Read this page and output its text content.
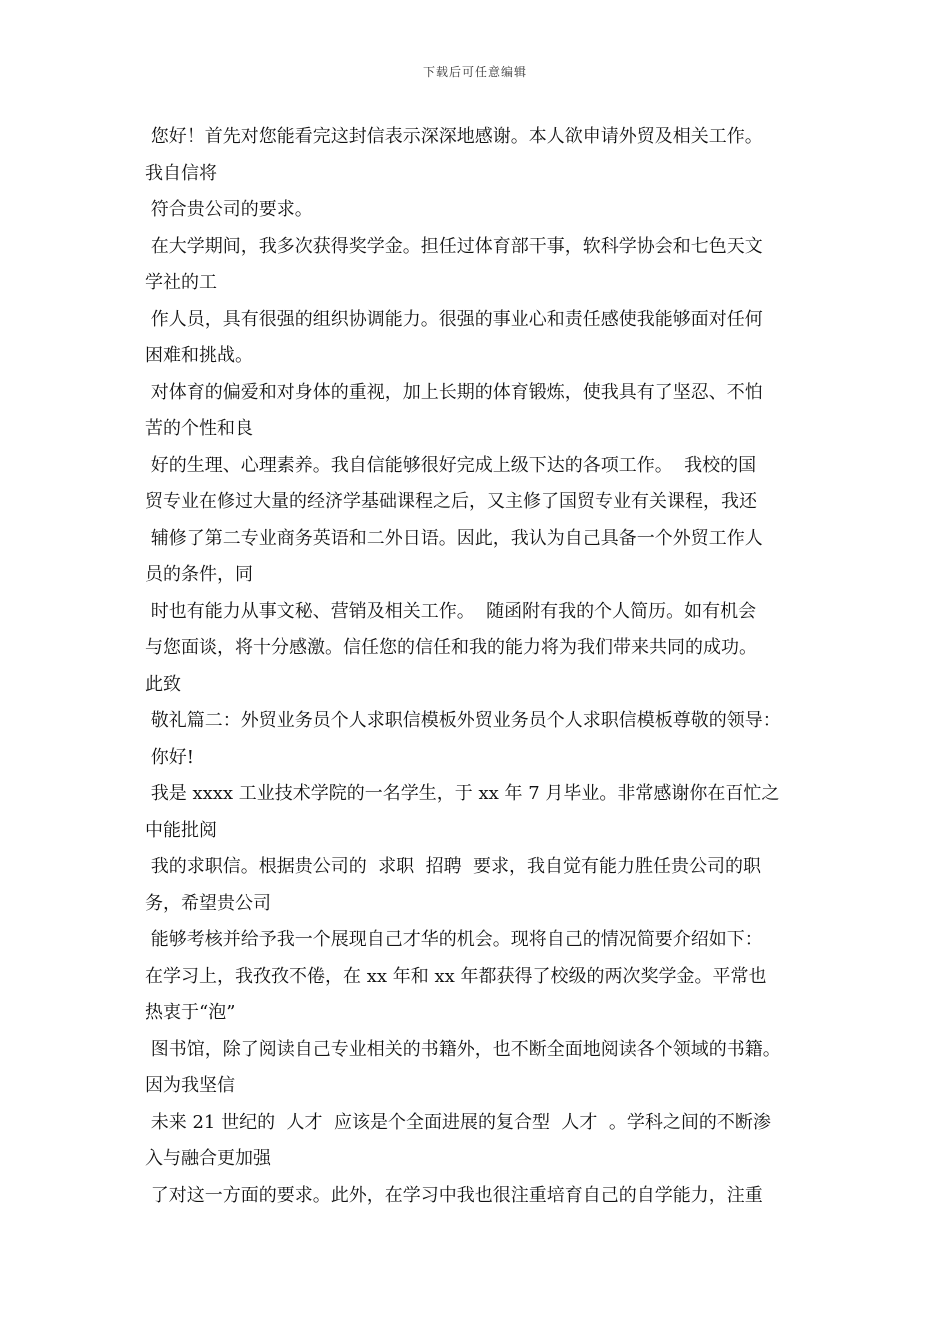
下载后可任意编辑
您好！首先对您能看完这封信表示深深地感谢。本人欲申请外贸及相关工作。
我自信将
符合贵公司的要求。
在大学期间，我多次获得奖学金。担任过体育部干事，软科学协会和七色天文
学社的工
作人员，具有很强的组织协调能力。很强的事业心和责任感使我能够面对任何
困难和挑战。
对体育的偏爱和对身体的重视，加上长期的体育锻炼，使我具有了坚忍、不怕
苦的个性和良
好的生理、心理素养。我自信能够很好完成上级下达的各项工作。  我校的国
贸专业在修过大量的经济学基础课程之后，又主修了国贸专业有关课程，我还
辅修了第二专业商务英语和二外日语。因此，我认为自己具备一个外贸工作人
员的条件，同
时也有能力从事文秘、营销及相关工作。  随函附有我的个人简历。如有机会
与您面谈，将十分感激。信任您的信任和我的能力将为我们带来共同的成功。
此致
敬礼篇二：外贸业务员个人求职信模板外贸业务员个人求职信模板尊敬的领导：
你好!
我是 xxxx 工业技术学院的一名学生，于 xx 年 7 月毕业。非常感谢你在百忙之
中能批阅
我的求职信。根据贵公司的  求职  招聘  要求，我自觉有能力胜任贵公司的职
务，希望贵公司
能够考核并给予我一个展现自己才华的机会。现将自己的情况简要介绍如下：
在学习上，我孜孜不倦，在 xx 年和 xx 年都获得了校级的两次奖学金。平常也
热衷于“泡”
图书馆，除了阅读自己专业相关的书籍外，也不断全面地阅读各个领域的书籍。
因为我坚信
未来 21 世纪的  人才  应该是个全面进展的复合型  人才  。学科之间的不断渗
入与融合更加强
了对这一方面的要求。此外，在学习中我也很注重培育自己的自学能力，注重
